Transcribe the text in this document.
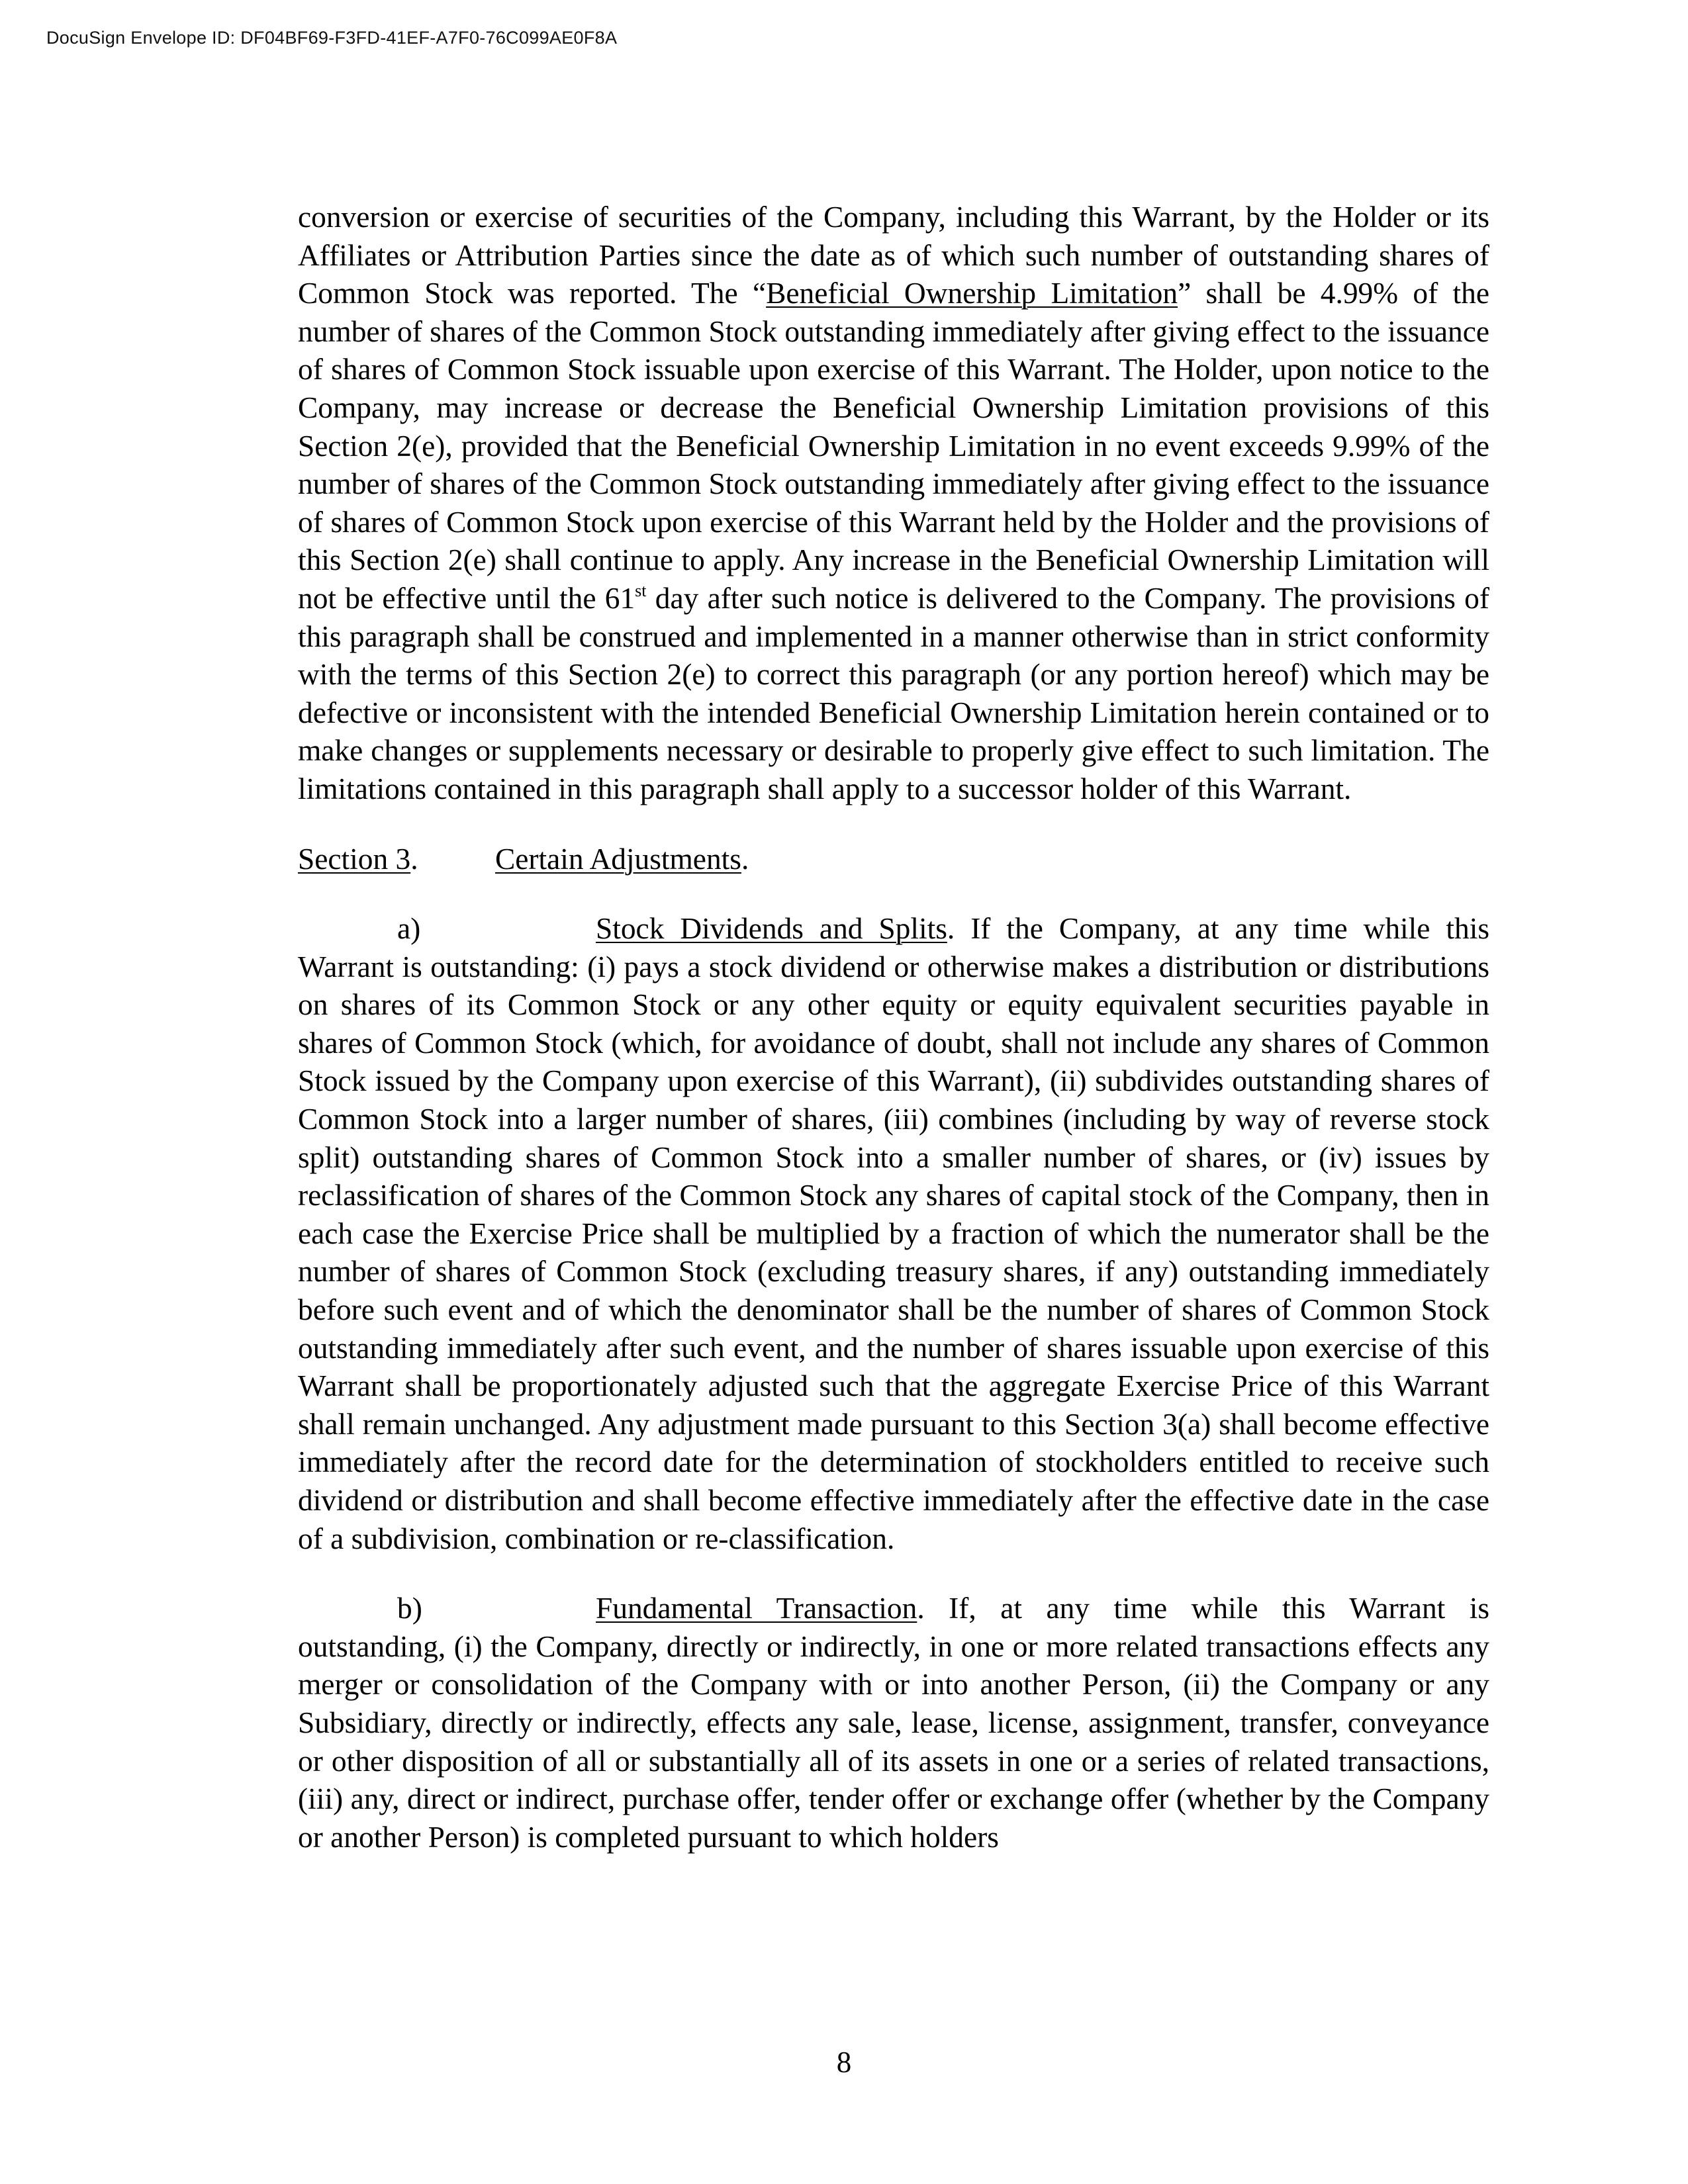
DocuSign Envelope ID: DF04BF69-F3FD-41EF-A7F0-76C099AE0F8A

conversion or exercise of securities of the Company, including this Warrant, by the Holder or its Affiliates or Attribution Parties since the date as of which such number of outstanding shares of Common Stock was reported. The “Beneficial Ownership Limitation” shall be 4.99% of the number of shares of the Common Stock outstanding immediately after giving effect to the issuance of shares of Common Stock issuable upon exercise of this Warrant. The Holder, upon notice to the Company, may increase or decrease the Beneficial Ownership Limitation provisions of this Section 2(e), provided that the Beneficial Ownership Limitation in no event exceeds 9.99% of the number of shares of the Common Stock outstanding immediately after giving effect to the issuance of shares of Common Stock upon exercise of this Warrant held by the Holder and the provisions of this Section 2(e) shall continue to apply. Any increase in the Beneficial Ownership Limitation will not be effective until the 61st day after such notice is delivered to the Company. The provisions of this paragraph shall be construed and implemented in a manner otherwise than in strict conformity with the terms of this Section 2(e) to correct this paragraph (or any portion hereof) which may be defective or inconsistent with the intended Beneficial Ownership Limitation herein contained or to make changes or supplements necessary or desirable to properly give effect to such limitation. The limitations contained in this paragraph shall apply to a successor holder of this Warrant.

Section 3.	Certain Adjustments.

a)	Stock Dividends and Splits. If the Company, at any time while this Warrant is outstanding: (i) pays a stock dividend or otherwise makes a distribution or distributions on shares of its Common Stock or any other equity or equity equivalent securities payable in shares of Common Stock (which, for avoidance of doubt, shall not include any shares of Common Stock issued by the Company upon exercise of this Warrant), (ii) subdivides outstanding shares of Common Stock into a larger number of shares, (iii) combines (including by way of reverse stock split) outstanding shares of Common Stock into a smaller number of shares, or (iv) issues by reclassification of shares of the Common Stock any shares of capital stock of the Company, then in each case the Exercise Price shall be multiplied by a fraction of which the numerator shall be the number of shares of Common Stock (excluding treasury shares, if any) outstanding immediately before such event and of which the denominator shall be the number of shares of Common Stock outstanding immediately after such event, and the number of shares issuable upon exercise of this Warrant shall be proportionately adjusted such that the aggregate Exercise Price of this Warrant shall remain unchanged. Any adjustment made pursuant to this Section 3(a) shall become effective immediately after the record date for the determination of stockholders entitled to receive such dividend or distribution and shall become effective immediately after the effective date in the case of a subdivision, combination or re-classification.

b)	Fundamental Transaction. If, at any time while this Warrant is outstanding, (i) the Company, directly or indirectly, in one or more related transactions effects any merger or consolidation of the Company with or into another Person, (ii) the Company or any Subsidiary, directly or indirectly, effects any sale, lease, license, assignment, transfer, conveyance or other disposition of all or substantially all of its assets in one or a series of related transactions, (iii) any, direct or indirect, purchase offer, tender offer or exchange offer (whether by the Company or another Person) is completed pursuant to which holders

8
